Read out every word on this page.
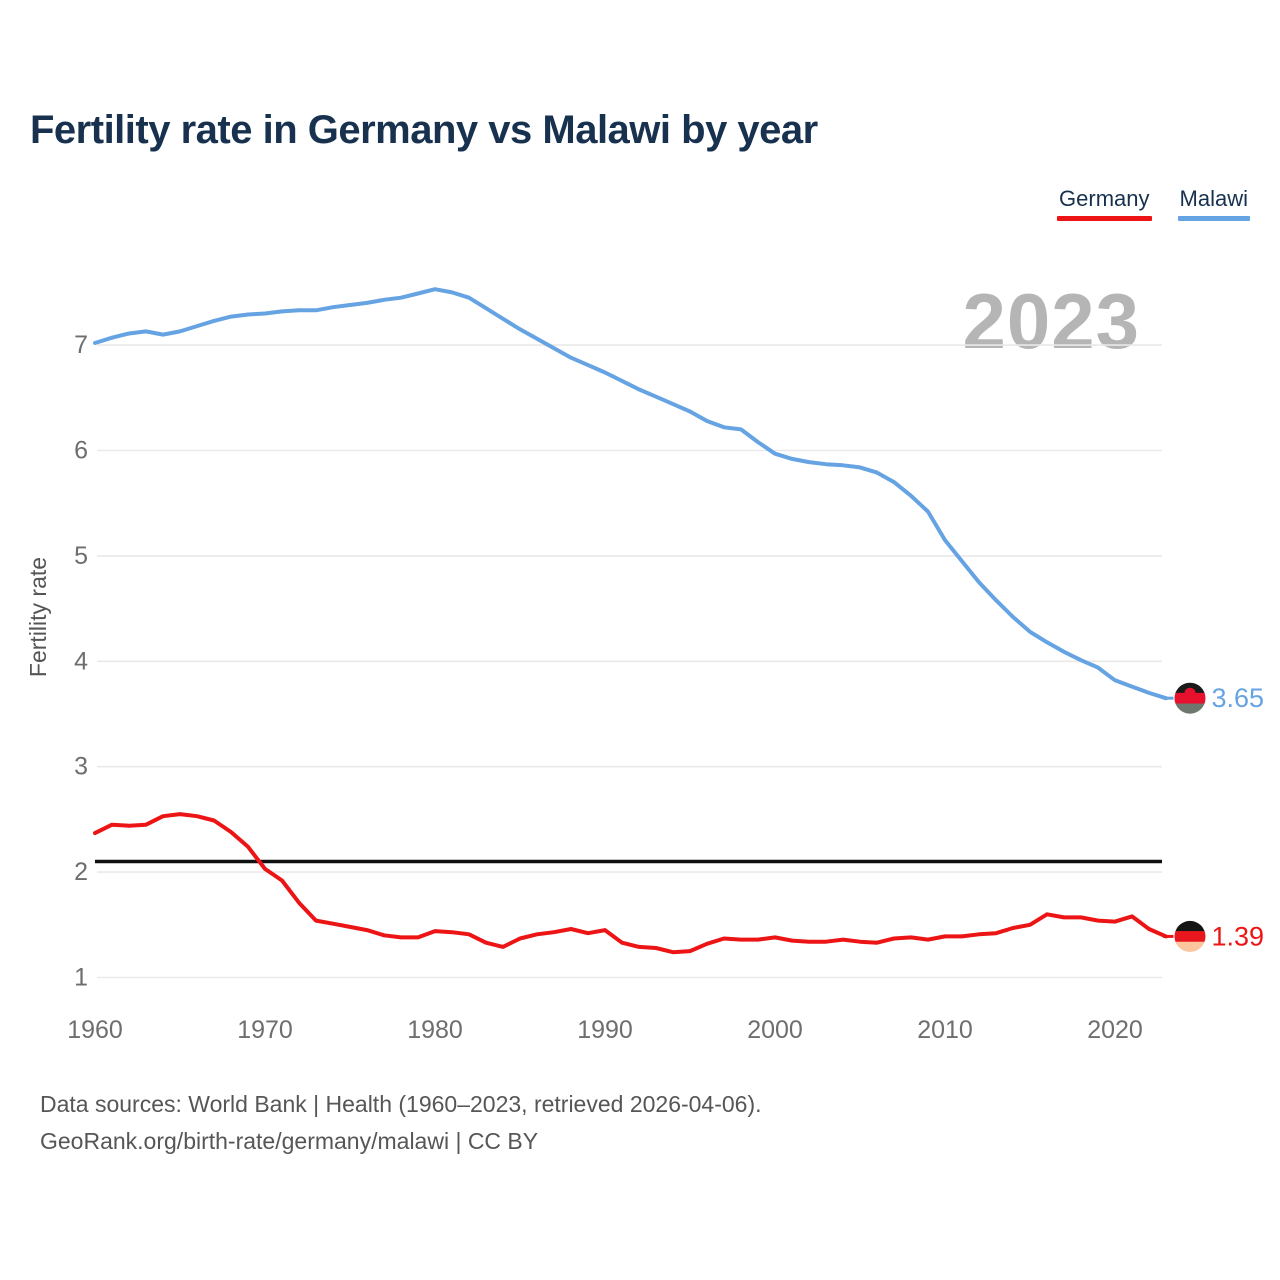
Fertility rate in Germany vs Malawi by year
Germany Malawi
2023
1
2
3
4
5
6
7
1960	1970	1980	1990	2000	2010	2020
Fertility rate
3.65
1.39
Data sources: World Bank | Health (1960–2023, retrieved 2026-04-06).
GeoRank.org/birth-rate/germany/malawi | CC BY
